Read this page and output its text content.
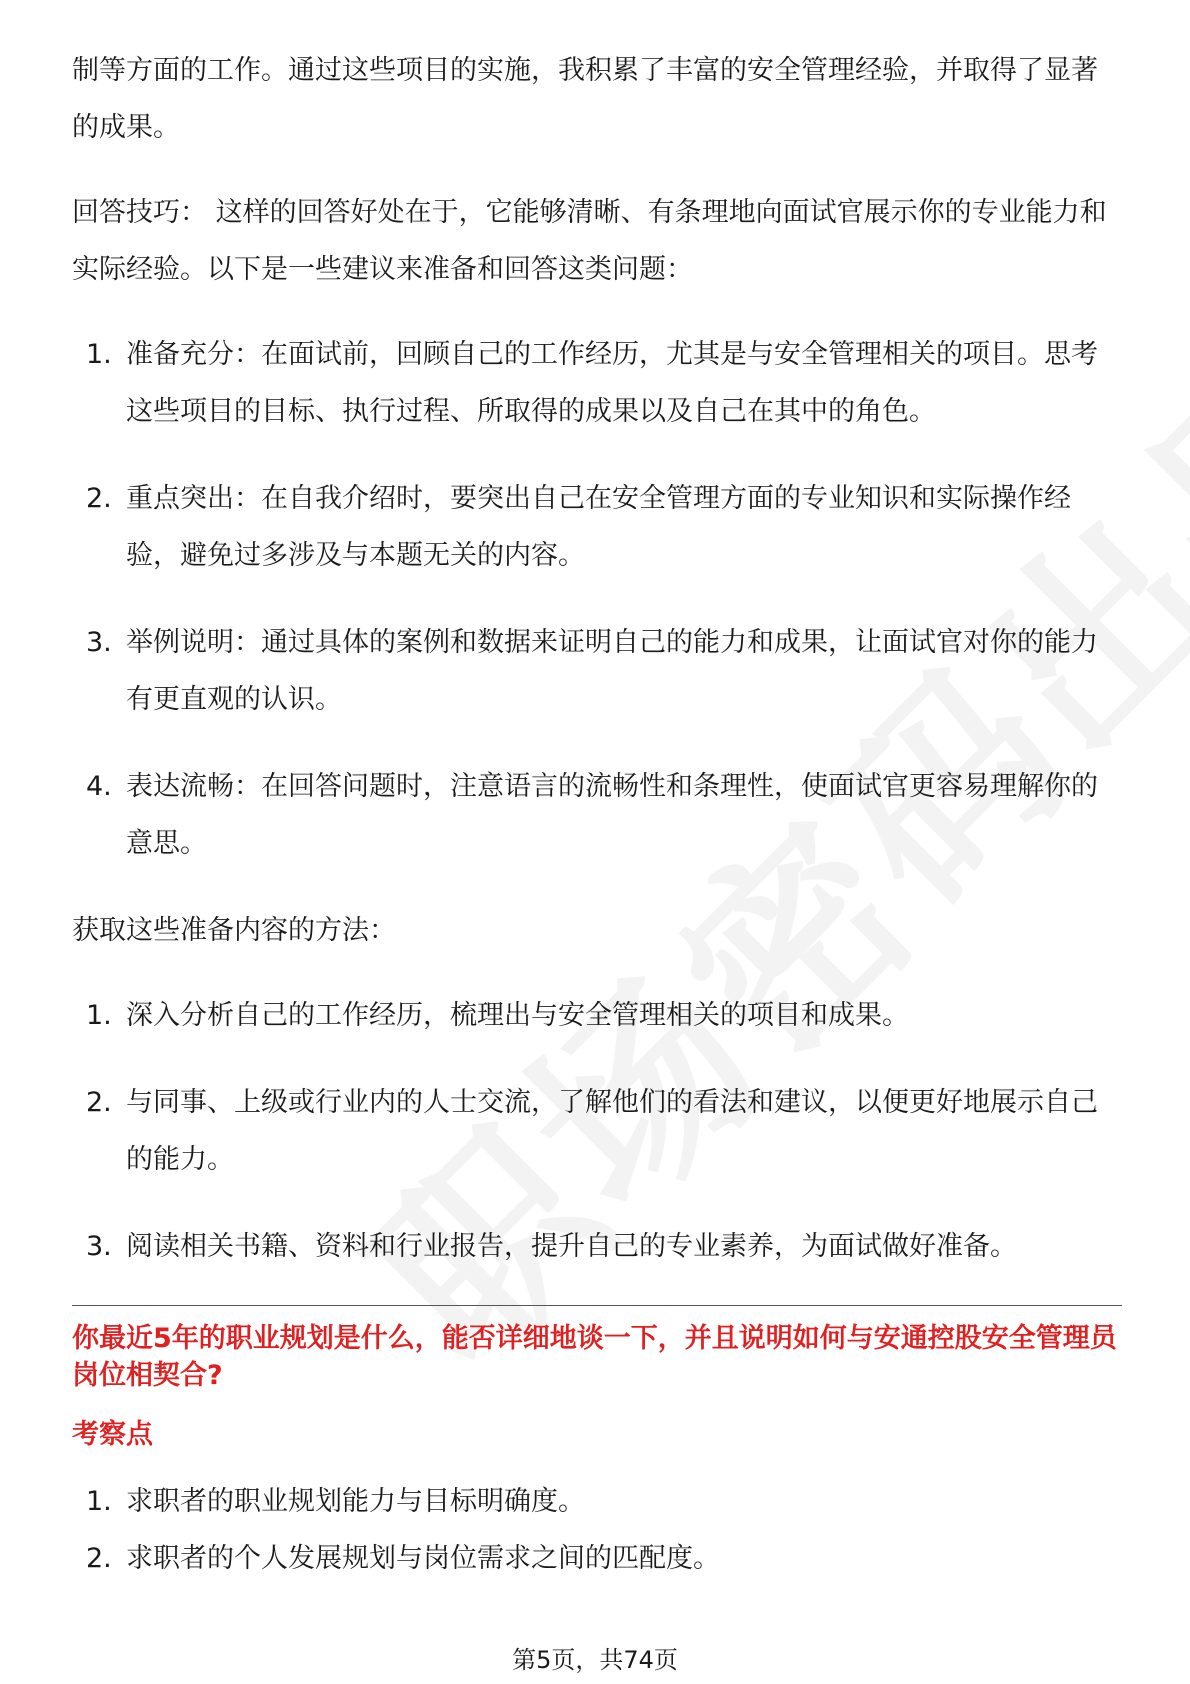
制等方面的工作。通过这些项目的实施，我积累了丰富的安全管理经验，并取得了显著的成果。

回答技巧： 这样的回答好处在于，它能够清晰、有条理地向面试官展示你的专业能力和实际经验。以下是一些建议来准备和回答这类问题：

1. 准备充分：在面试前，回顾自己的工作经历，尤其是与安全管理相关的项目。思考这些项目的目标、执行过程、所取得的成果以及自己在其中的角色。
2. 重点突出：在自我介绍时，要突出自己在安全管理方面的专业知识和实际操作经验，避免过多涉及与本题无关的内容。
3. 举例说明：通过具体的案例和数据来证明自己的能力和成果，让面试官对你的能力有更直观的认识。
4. 表达流畅：在回答问题时，注意语言的流畅性和条理性，使面试官更容易理解你的意思。

获取这些准备内容的方法：

1. 深入分析自己的工作经历，梳理出与安全管理相关的项目和成果。
2. 与同事、上级或行业内的人士交流，了解他们的看法和建议，以便更好地展示自己的能力。
3. 阅读相关书籍、资料和行业报告，提升自己的专业素养，为面试做好准备。
你最近5年的职业规划是什么，能否详细地谈一下，并且说明如何与安通控股安全管理员岗位相契合?
考察点
1. 求职者的职业规划能力与目标明确度。
2. 求职者的个人发展规划与岗位需求之间的匹配度。
第5页，共74页
